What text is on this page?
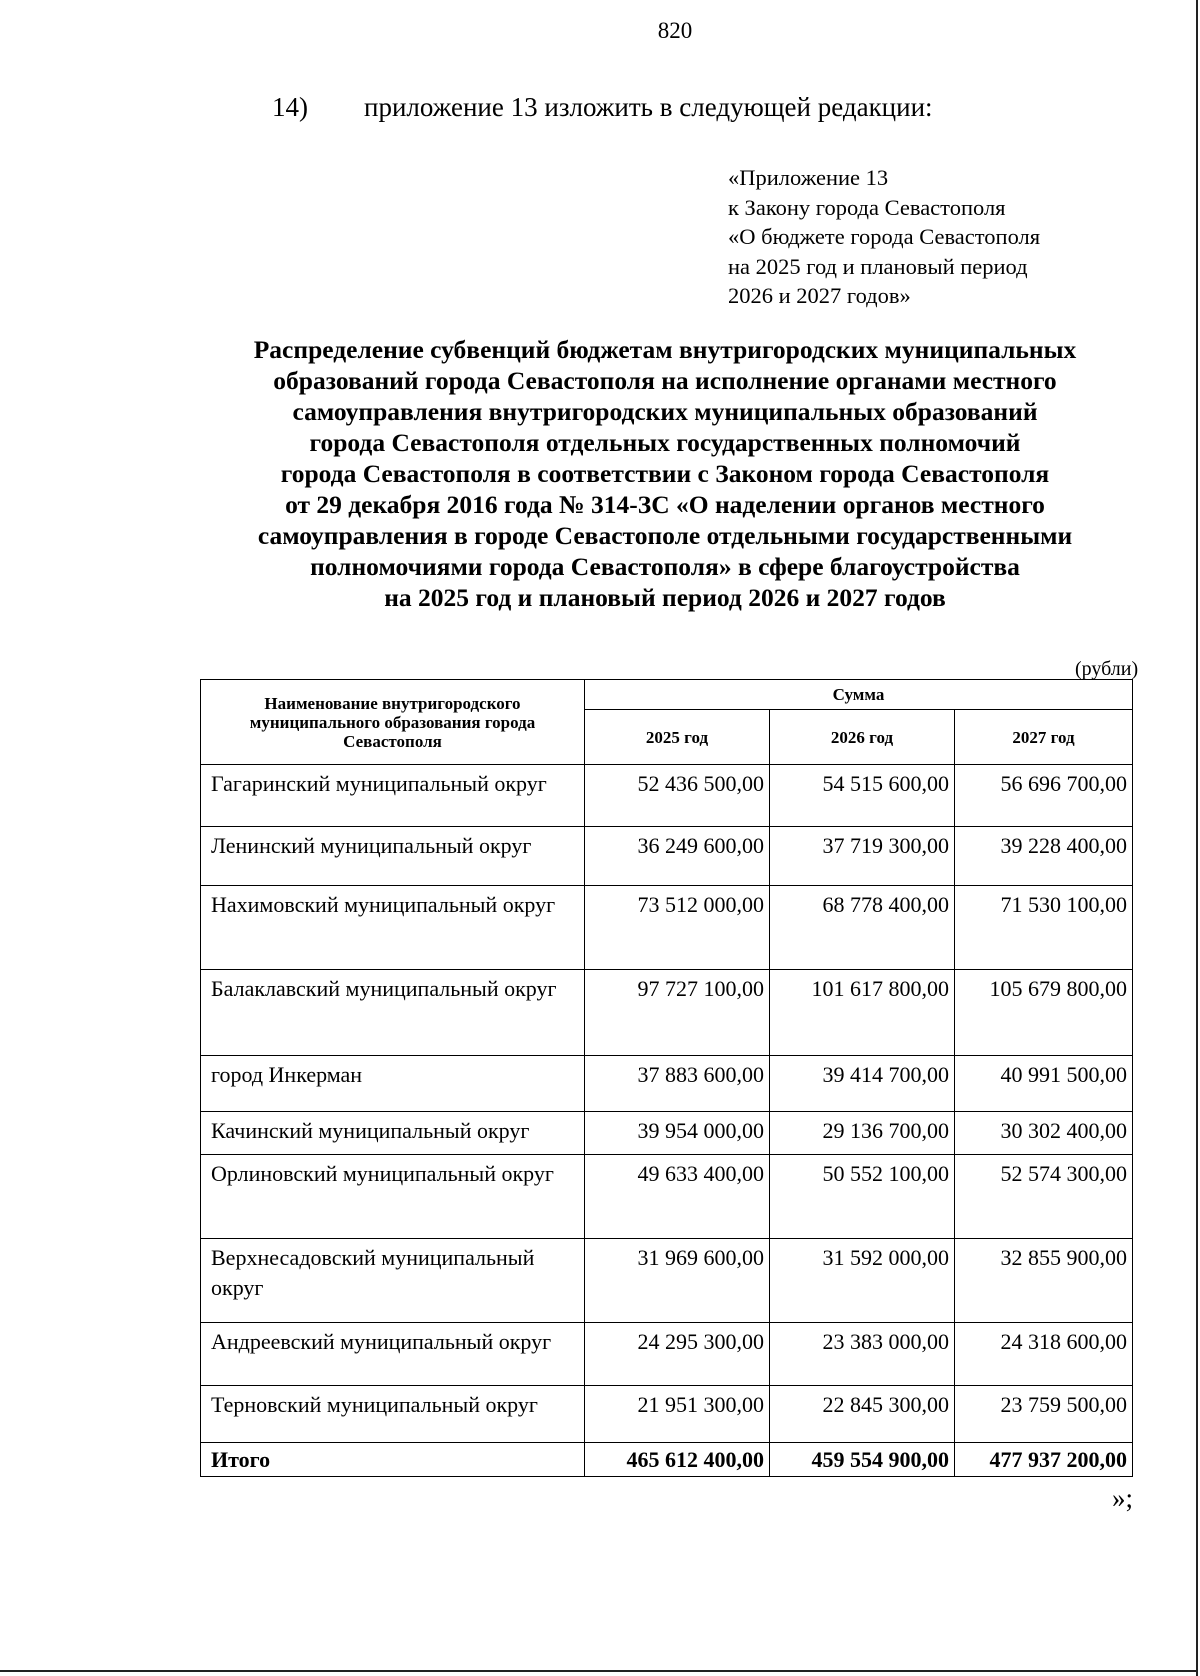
820
14) приложение 13 изложить в следующей редакции:
«Приложение 13
к Закону города Севастополя
«О бюджете города Севастополя
на 2025 год и плановый период
2026 и 2027 годов»
Распределение субвенций бюджетам внутригородских муниципальных
образований города Севастополя на исполнение органами местного
самоуправления внутригородских муниципальных образований
города Севастополя отдельных государственных полномочий
города Севастополя в соответствии с Законом города Севастополя
от 29 декабря 2016 года № 314-ЗС «О наделении органов местного
самоуправления в городе Севастополе отдельными государственными
полномочиями города Севастополя» в сфере благоустройства
на 2025 год и плановый период 2026 и 2027 годов
(рубли)
Наименование внутригородского муниципального образования города Севастополя	Сумма		
	2025 год	2026 год	2027 год
Гагаринский муниципальный округ	52 436 500,00	54 515 600,00	56 696 700,00
Ленинский муниципальный округ	36 249 600,00	37 719 300,00	39 228 400,00
Нахимовский муниципальный округ	73 512 000,00	68 778 400,00	71 530 100,00
Балаклавский муниципальный округ	97 727 100,00	101 617 800,00	105 679 800,00
город Инкерман	37 883 600,00	39 414 700,00	40 991 500,00
Качинский муниципальный округ	39 954 000,00	29 136 700,00	30 302 400,00
Орлиновский муниципальный округ	49 633 400,00	50 552 100,00	52 574 300,00
Верхнесадовский муниципальный округ	31 969 600,00	31 592 000,00	32 855 900,00
Андреевский муниципальный округ	24 295 300,00	23 383 000,00	24 318 600,00
Терновский муниципальный округ	21 951 300,00	22 845 300,00	23 759 500,00
Итого	465 612 400,00	459 554 900,00	477 937 200,00
»;
